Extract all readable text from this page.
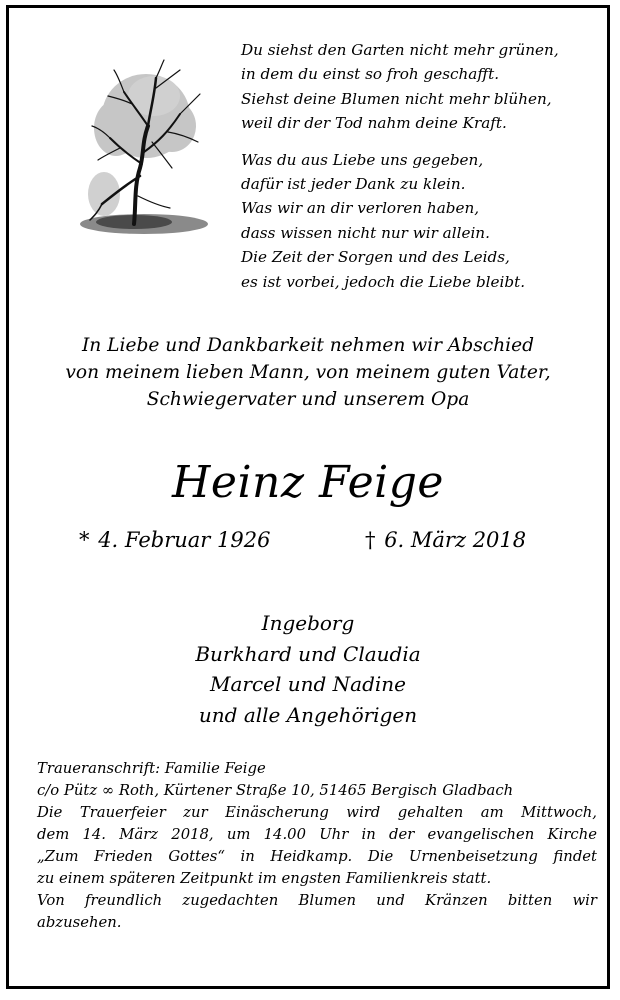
Du siehst den Garten nicht mehr grünen,
in dem du einst so froh geschafft.
Siehst deine Blumen nicht mehr blühen,
weil dir der Tod nahm deine Kraft.
Was du aus Liebe uns gegeben,
dafür ist jeder Dank zu klein.
Was wir an dir verloren haben,
dass wissen nicht nur wir allein.
Die Zeit der Sorgen und des Leids,
es ist vorbei, jedoch die Liebe bleibt.
In Liebe und Dankbarkeit nehmen wir Abschied
von meinem lieben Mann, von meinem guten Vater,
Schwiegervater und unserem Opa
Heinz Feige
* 4. Februar 1926	† 6. März 2018
Ingeborg
Burkhard und Claudia
Marcel und Nadine
und alle Angehörigen
Traueranschrift: Familie Feige
c/o Pütz ∞ Roth, Kürtener Straße 10, 51465 Bergisch Gladbach
Die Trauerfeier zur Einäscherung wird gehalten am Mittwoch,
dem 14. März 2018, um 14.00 Uhr in der evangelischen Kirche
„Zum Frieden Gottes“ in Heidkamp. Die Urnenbeisetzung findet
zu einem späteren Zeitpunkt im engsten Familienkreis statt.
Von freundlich zugedachten Blumen und Kränzen bitten wir
abzusehen.
